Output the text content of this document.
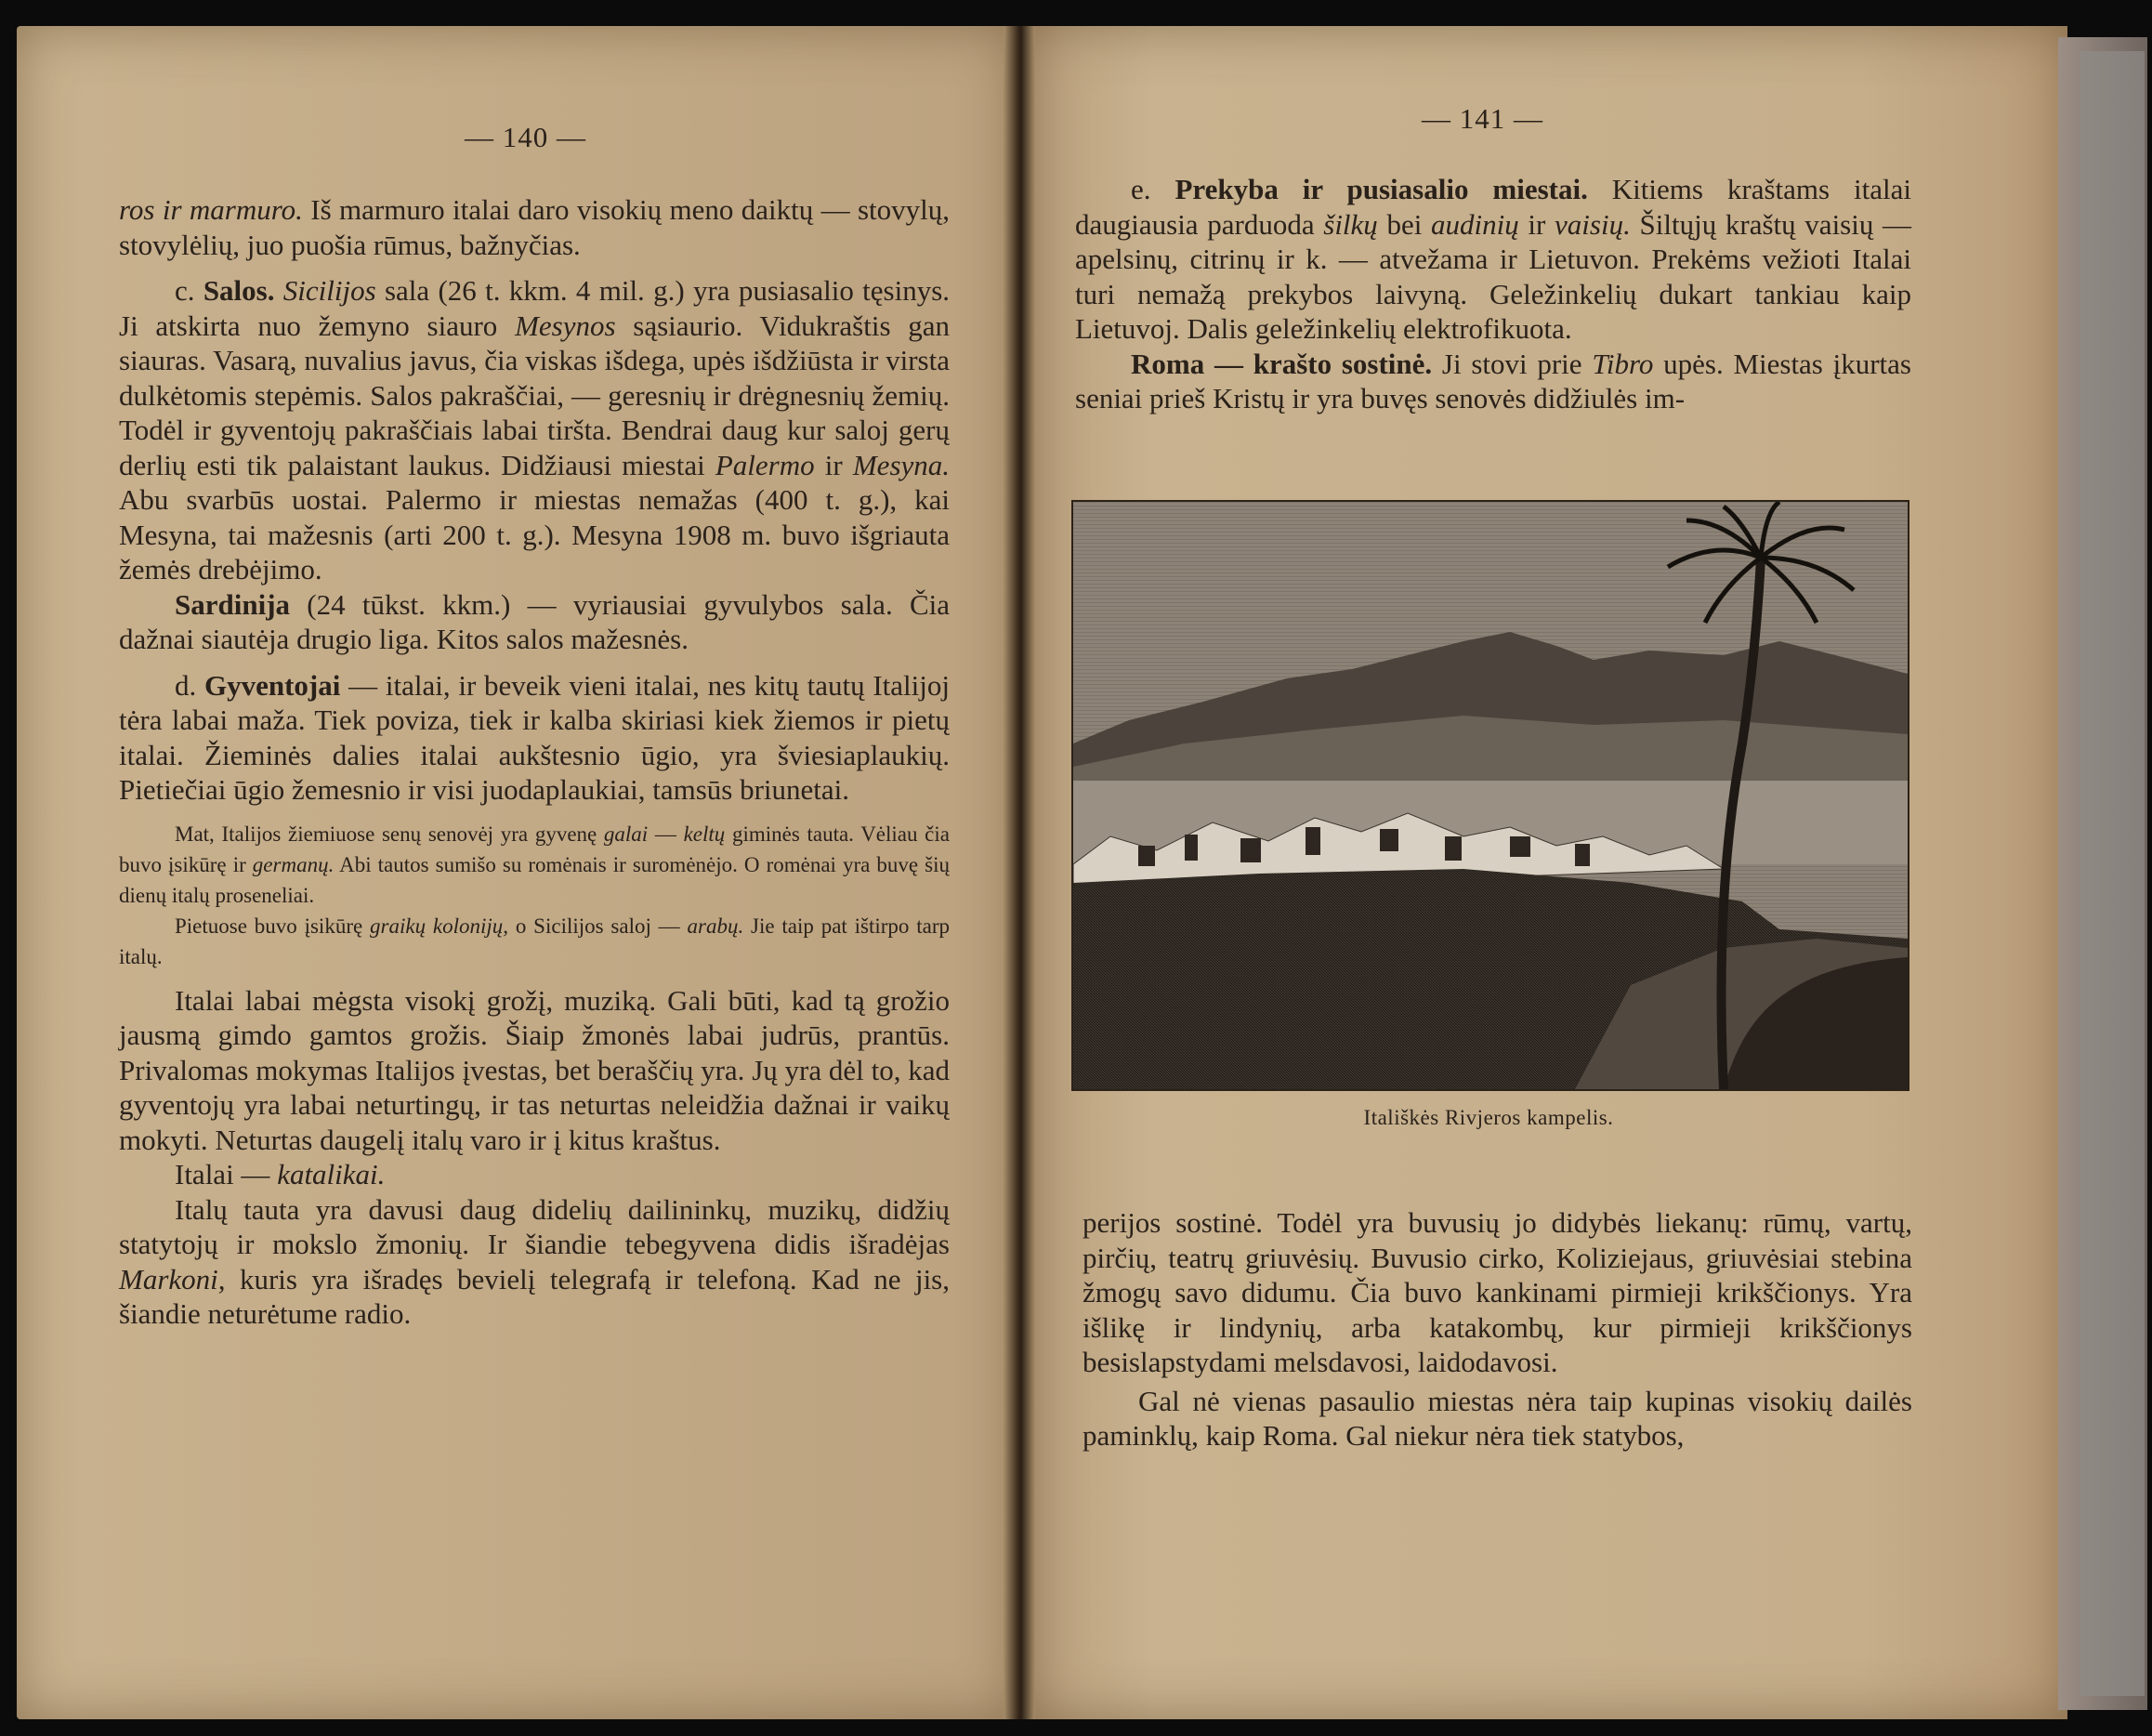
— 140 —

ros ir marmuro. Iš marmuro italai daro visokių meno daiktų — stovylų, stovylėlių, juo puošia rūmus, bažnyčias.

c. Salos. Sicilijos sala (26 t. kkm. 4 mil. g.) yra pusiasalio tęsinys. Ji atskirta nuo žemyno siauro Mesynos sąsiaurio. Vidukraštis gan siauras. Vasarą, nuvalius javus, čia viskas išdega, upės išdžiūsta ir virsta dulkėtomis stepėmis. Salos pakraščiai, — geresnių ir drėgnesnių žemių. Todėl ir gyventojų pakraščiais labai tiršta. Bendrai daug kur saloj gerų derlių esti tik palaistant laukus. Didžiausi miestai Palermo ir Mesyna. Abu svarbūs uostai. Palermo ir miestas nemažas (400 t. g.), kai Mesyna, tai mažesnis (arti 200 t. g.). Mesyna 1908 m. buvo išgriauta žemės drebėjimo.

Sardinija (24 tūkst. kkm.) — vyriausiai gyvulybos sala. Čia dažnai siautėja drugio liga. Kitos salos mažesnės.

d. Gyventojai — italai, ir beveik vieni italai, nes kitų tautų Italijoj tėra labai maža. Tiek poviza, tiek ir kalba skiriasi kiek žiemos ir pietų italai. Žieminės dalies italai aukštesnio ūgio, yra šviesiaplaukių. Pietiečiai ūgio žemesnio ir visi juodaplaukiai, tamsūs briunetai.

Mat, Italijos žiemiuose senų senovėj yra gyvenę galai — keltų giminės tauta. Vėliau čia buvo įsikūrę ir germanų. Abi tautos sumišo su romėnais ir suromėnėjo. O romėnai yra buvę šių dienų italų proseneliai.

Pietuose buvo įsikūrę graikų kolonijų, o Sicilijos saloj — arabų. Jie taip pat ištirpo tarp italų.

Italai labai mėgsta visokį grožį, muziką. Gali būti, kad tą grožio jausmą gimdo gamtos grožis. Šiaip žmonės labai judrūs, prantūs. Privalomas mokymas Italijos įvestas, bet beraščių yra. Jų yra dėl to, kad gyventojų yra labai neturtingų, ir tas neturtas neleidžia dažnai ir vaikų mokyti. Neturtas daugelį italų varo ir į kitus kraštus.

Italai — katalikai.

Italų tauta yra davusi daug didelių dailininkų, muzikų, didžių statytojų ir mokslo žmonių. Ir šiandie tebegyvena didis išradėjas Markoni, kuris yra išradęs bevielį telegrafą ir telefoną. Kad ne jis, šiandie neturėtume radio.

— 141 —

e. Prekyba ir pusiasalio miestai. Kitiems kraštams italai daugiausia parduoda šilkų bei audinių ir vaisių. Šiltųjų kraštų vaisių — apelsinų, citrinų ir k. — atvežama ir Lietuvon. Prekėms vežioti Italai turi nemažą prekybos laivyną. Geležinkelių dukart tankiau kaip Lietuvoj. Dalis geležinkelių elektrofikuota.

Roma — krašto sostinė. Ji stovi prie Tibro upės. Miestas įkurtas seniai prieš Kristų ir yra buvęs senovės didžiulės im-

Itališkės Rivjeros kampelis.

perijos sostinė. Todėl yra buvusių jo didybės liekanų: rūmų, vartų, pirčių, teatrų griuvėsių. Buvusio cirko, Koliziejaus, griuvėsiai stebina žmogų savo didumu. Čia buvo kankinami pirmieji krikščionys. Yra išlikę ir lindynių, arba katakombų, kur pirmieji krikščionys besislapstydami melsdavosi, laidodavosi.

Gal nė vienas pasaulio miestas nėra taip kupinas visokių dailės paminklų, kaip Roma. Gal niekur nėra tiek statybos,
